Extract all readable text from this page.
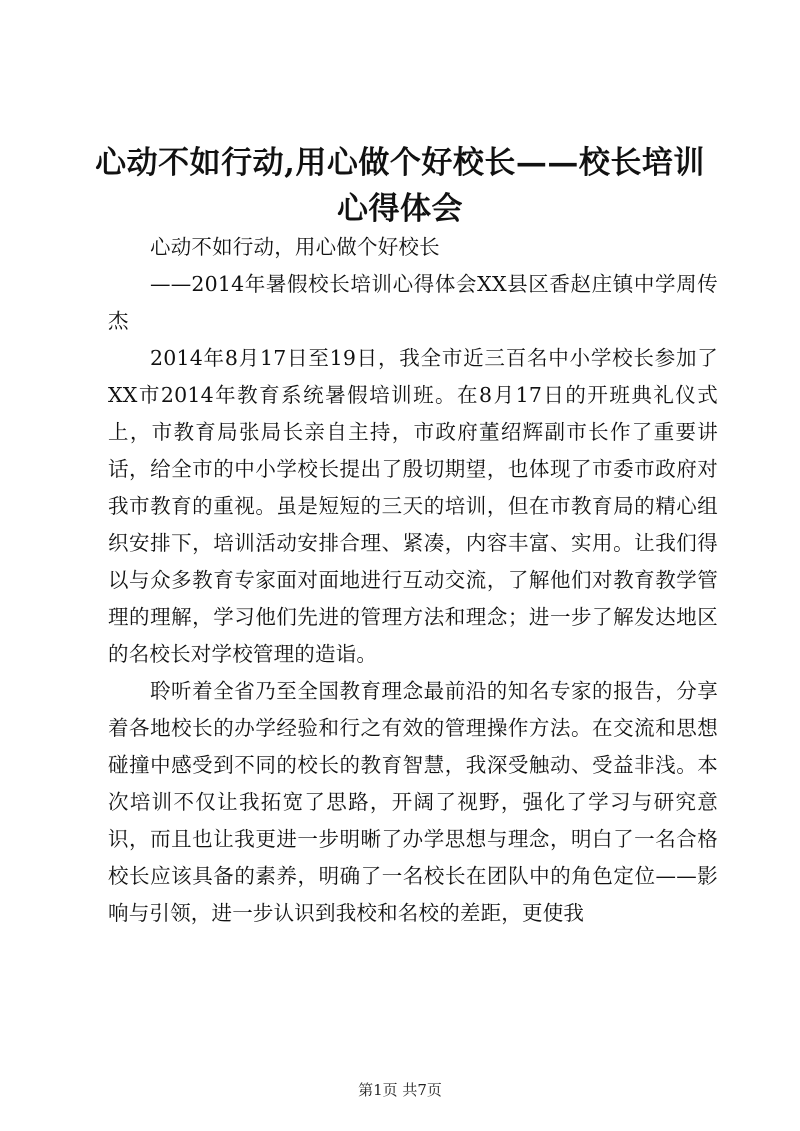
心动不如行动,用心做个好校长——校长培训心得体会

心动不如行动，用心做个好校长

——2014年暑假校长培训心得体会XX县区香赵庄镇中学周传杰

2014年8月17日至19日，我全市近三百名中小学校长参加了XX市2014年教育系统暑假培训班。在8月17日的开班典礼仪式上，市教育局张局长亲自主持，市政府董绍辉副市长作了重要讲话，给全市的中小学校长提出了殷切期望，也体现了市委市政府对我市教育的重视。虽是短短的三天的培训，但在市教育局的精心组织安排下，培训活动安排合理、紧凑，内容丰富、实用。让我们得以与众多教育专家面对面地进行互动交流，了解他们对教育教学管理的理解，学习他们先进的管理方法和理念；进一步了解发达地区的名校长对学校管理的造诣。

聆听着全省乃至全国教育理念最前沿的知名专家的报告，分享着各地校长的办学经验和行之有效的管理操作方法。在交流和思想碰撞中感受到不同的校长的教育智慧，我深受触动、受益非浅。本次培训不仅让我拓宽了思路，开阔了视野，强化了学习与研究意识，而且也让我更进一步明晰了办学思想与理念，明白了一名合格校长应该具备的素养，明确了一名校长在团队中的角色定位——影响与引领，进一步认识到我校和名校的差距，更使我

第1页 共7页
